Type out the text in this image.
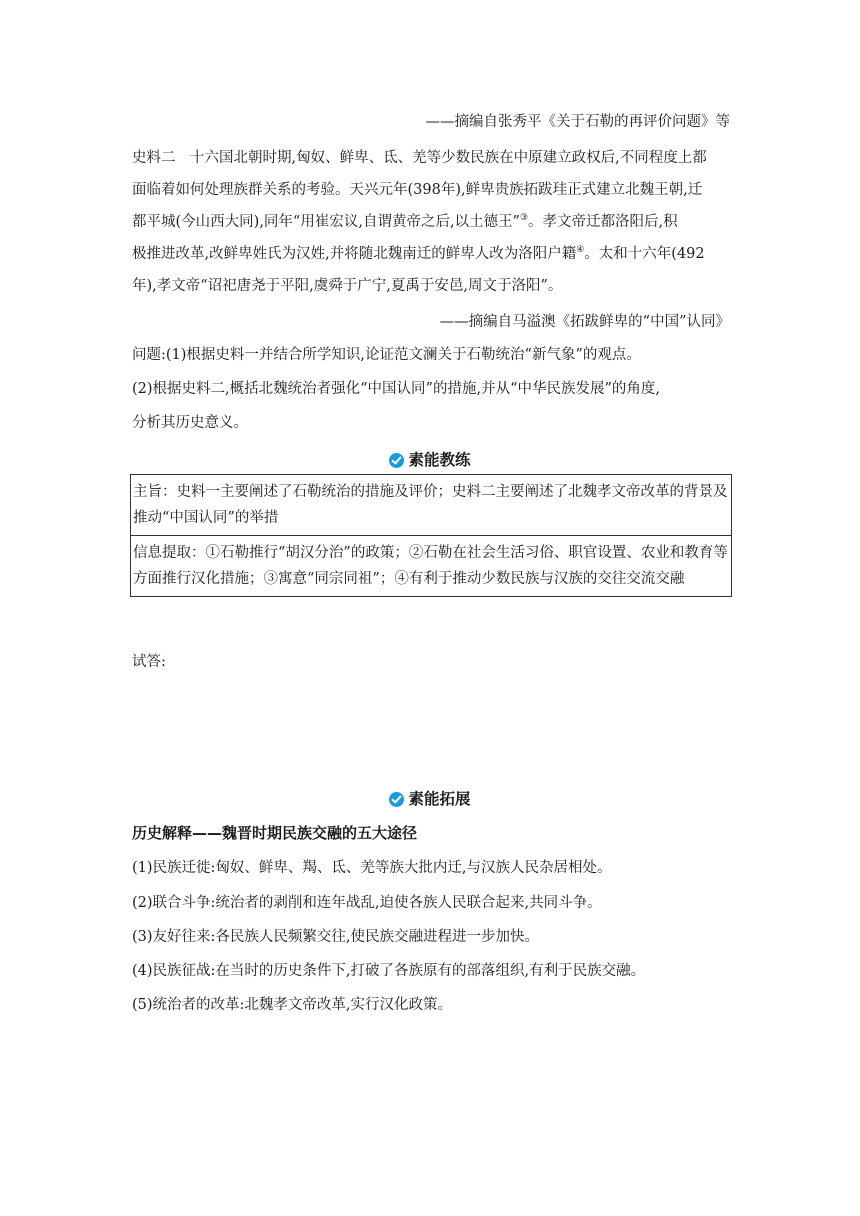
——摘编自张秀平《关于石勒的再评价问题》等
史料二　十六国北朝时期,匈奴、鲜卑、氐、羌等少数民族在中原建立政权后,不同程度上都
面临着如何处理族群关系的考验。天兴元年(398年),鲜卑贵族拓跋珪正式建立北魏王朝,迁
都平城(今山西大同),同年“用崔宏议,自谓黄帝之后,以土德王”③。孝文帝迁都洛阳后,积
极推进改革,改鲜卑姓氏为汉姓,并将随北魏南迁的鲜卑人改为洛阳户籍④。太和十六年(492
年),孝文帝“诏祀唐尧于平阳,虞舜于广宁,夏禹于安邑,周文于洛阳”。
——摘编自马溢澳《拓跋鲜卑的“中国”认同》
问题:(1)根据史料一并结合所学知识,论证范文澜关于石勒统治“新气象”的观点。
(2)根据史料二,概括北魏统治者强化“中国认同”的措施,并从“中华民族发展”的角度,
分析其历史意义。
素能教练
主旨：史料一主要阐述了石勒统治的措施及评价；史料二主要阐述了北魏孝文帝改革的背景及推动“中国认同”的举措
信息提取：①石勒推行“胡汉分治”的政策；②石勒在社会生活习俗、职官设置、农业和教育等方面推行汉化措施；③寓意“同宗同祖”；④有利于推动少数民族与汉族的交往交流交融
试答:
素能拓展
历史解释——魏晋时期民族交融的五大途径
(1)民族迁徙:匈奴、鲜卑、羯、氐、羌等族大批内迁,与汉族人民杂居相处。
(2)联合斗争:统治者的剥削和连年战乱,迫使各族人民联合起来,共同斗争。
(3)友好往来:各民族人民频繁交往,使民族交融进程进一步加快。
(4)民族征战:在当时的历史条件下,打破了各族原有的部落组织,有利于民族交融。
(5)统治者的改革:北魏孝文帝改革,实行汉化政策。
